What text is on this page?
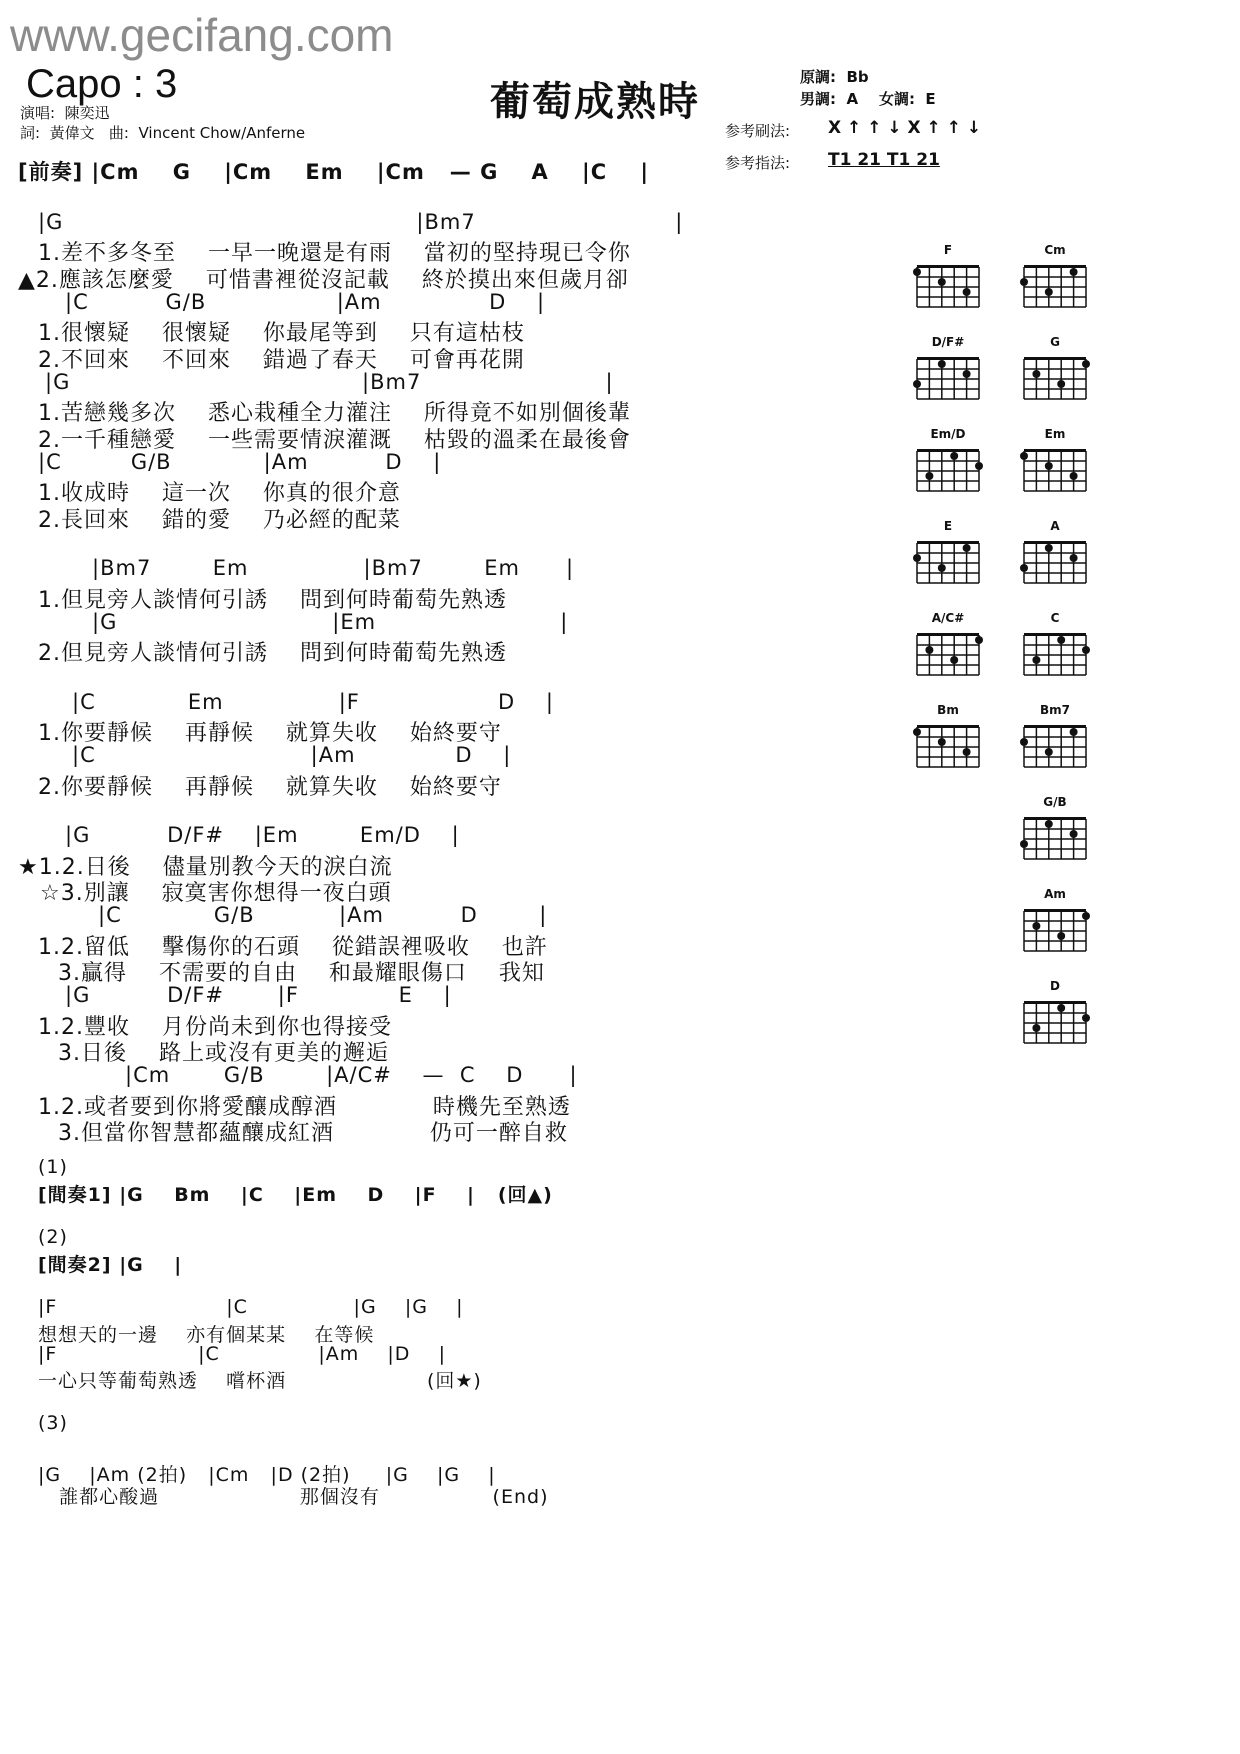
www.gecifang.com
Capo : 3	葡萄成熟時
演唱:  陳奕迅
詞:  黃偉文   曲:  Vincent Chow/Anferne
原調:  Bb
男調:  A    女調:  E
参考刷法: X ↑ ↑ ↓ X ↑ ↑ ↓
参考指法: T1 21 T1 21
[前奏] |Cm    G    |Cm    Em    |Cm   — G    A    |C    |
|G                                              |Bm7                          |
1.差不多冬至    一早一晚還是有雨    當初的堅持現已令你
▲2.應該怎麼愛    可惜書裡從沒記載    終於摸出來但歲月卻
|C          G/B                 |Am              D    |
1.很懷疑    很懷疑    你最尾等到    只有這枯枝
2.不回來    不回來    錯過了春天    可會再花開
|G                                      |Bm7                        |
1.苦戀幾多次    悉心栽種全力灌注    所得竟不如別個後輩
2.一千種戀愛    一些需要情淚灌溉    枯毀的溫柔在最後會
|C         G/B            |Am          D    |
1.收成時    這一次    你真的很介意
2.長回來    錯的愛    乃必經的配菜
|Bm7        Em               |Bm7        Em      |
1.但見旁人談情何引誘    問到何時葡萄先熟透
|G                            |Em                        |
2.但見旁人談情何引誘    問到何時葡萄先熟透
|C            Em               |F                  D    |
1.你要靜候    再靜候    就算失收    始終要守
|C                            |Am             D    |
2.你要靜候    再靜候    就算失收    始終要守
|G          D/F#    |Em        Em/D    |
★1.2.日後    儘量別教今天的淚白流
☆3.別讓    寂寞害你想得一夜白頭
|C            G/B           |Am          D        |
1.2.留低    擊傷你的石頭    從錯誤裡吸收    也許
3.贏得    不需要的自由    和最耀眼傷口    我知
|G          D/F#       |F             E    |
1.2.豐收    月份尚未到你也得接受
3.日後    路上或沒有更美的邂逅
|Cm       G/B        |A/C#    —  C    D      |
1.2.或者要到你將愛釀成醇酒            時機先至熟透
3.但當你智慧都蘊釀成紅酒            仍可一醉自救
(1)
[間奏1] |G    Bm    |C    |Em    D    |F    |   (回▲)
(2)
[間奏2] |G    |
|F                        |C               |G    |G    |
想想天的一邊    亦有個某某    在等候
|F                    |C              |Am    |D    |
一心只等葡萄熟透    嚐杯酒                    (回★)
(3)
|G    |Am (2拍)   |Cm   |D (2拍)     |G    |G    |
誰都心酸過                    那個沒有                (End)
F	Cm
D/F#	G
Em/D	Em
E	A
A/C#	C
Bm	Bm7
G/B
Am
D
